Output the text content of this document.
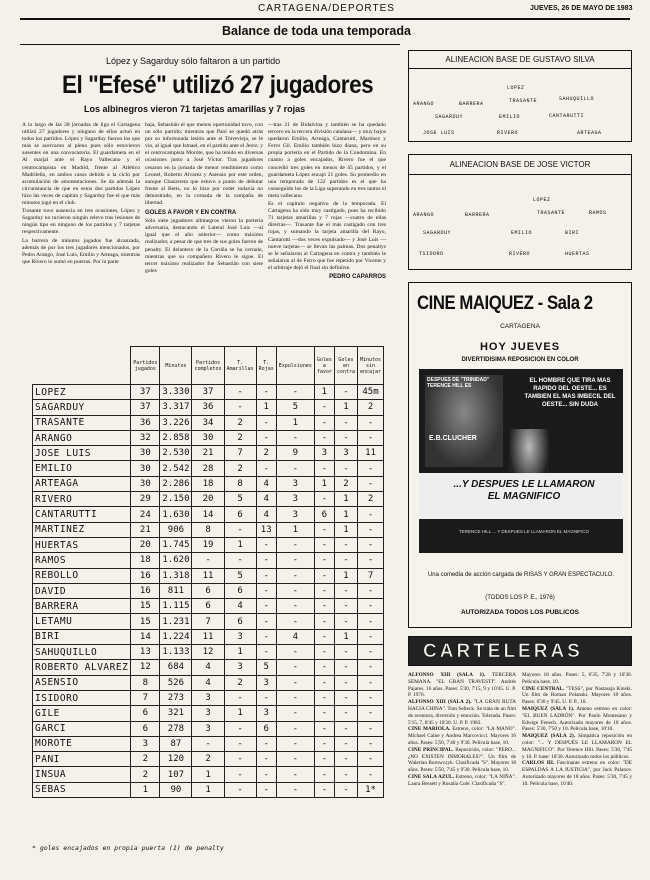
CARTAGENA/DEPORTES	JUEVES, 26 DE MAYO DE 1983
Balance de toda una temporada
López y Sagarduy sólo faltaron a un partido
El "Efesé" utilizó 27 jugadores
Los albinegros vieron 71 tarjetas amarillas y 7 rojas

A lo largo de las 38 jornadas de liga el Cartagena utilizó 27 jugadores y ninguno de ellos actuó en todos los partidos. López y Sagarduy fueron los que más se acercaron al pleno pues sólo estuvieron ausentes en una convocatoria. El guardameta en el Al marjal ante el Rayo Vallecano y el centrocampista en Madrid, frente al Atlético Madrileño, en ambos casos debido a la ciclo por acumulación de amonestaciones. Se da además la circunstancia de que en estos dos partidos López hizo las veces de capitán y Sagarduy fue el que más minutos jugó en el club.

Trasante tuvo ausencia en tres ocasiones, López y Sagarduy no tuvieron ningún relevo tras lesiones de ningún tipo en ninguno de los partidos y 7 tarjetas respectivamente.

La barrera de minutos jugados fue alcanzada, además de por los tres jugadores mencionados, por Pedro Arango, José Luis, Emilio y Arteaga, mientras que Rivero lo sumó en puertas. Por la parte

baja, Sebastián el que menos oportunidad tuvo, con un sólo partido; mientras que Paní se quedó atrás por su infortunada lesión ante el Torrevieja, se le vio, al igual que Ismael, en el partido ante el Jerez; y el centrocampista Moróte, que ha tenido en diversas ocasiones junto a José Víctor. Tras jugadores cesaron en la jornada de menor rendimiento como Leonel, Roberto Alvarez y Asensio por este orden, aunque Chazarreta que estuvo a punto de debutar frente al Betis, no lo hizo por ceder todavía no demostrado, en la cornada de la campaña de libertad.

GOLES A FAVOR Y EN CONTRA

Sólo siete jugadores albinegros vieron la portería adversaria, destacando el Lateral José Luis —al igual que el año anterior— como máximo realizador, a pesar de que tres de sus goles fueron de penalty. El delantero de la Coruña se ha cerrado, mientras que su compañero Rivero le sigue. El tercer máximo realizador fue Sebastián con siete goles

—tras 21 de Bidalvina y también se ha quedado tercero en la tercera división catalana— y muy bajos quedaron Emilio, Arteaga, Cantarutti, Martínez y Ferro Gil. Emilio también hizo diana, pero en su propia portería en el Partido de la Condomina. En cuanto a goles encajados, Rivero fue el que concedió tres goles en menos de 45 partidos, y el guardameta López encajó 21 goles. Su promedio en una temporada de 122 partidos es el que ha conseguido los de la Liga superando en tres tantos el meta vallecano.

Es el capítulo negativo de la temporada. El Cartagena ha sido muy castigado, pues ha recibido 71 tarjetas amarillas y 7 rojas —cuatro de ellas directas—. Trasante fue el más castigado con tres rojas, y sumando la tarjeta amarilla del Rayo, Cantarutti —dos veces expulsado— y José Luis —nueve tarjetas— se llevan las palmas. Dos penaltys se le señalaron al Cartagena en contra y también le señalaron al de Ferro que fue repetido por Vicente y el arbitraje dejó el final sin definirse.

PEDRO CAPARROS
	Partidos jugados	Minutos	Partidos completos	T. Amarillas	T. Rojas	Expulsiones	Goles a favor	Goles en contra	Minutos sin encajar
LOPEZ	37	3.330	37	-	-	-	1	-	45m
SAGARDUY	37	3.317	36	-	1	5	-	1	2
TRASANTE	36	3.226	34	2	-	1	-	-	-
ARANGO	32	2.858	30	2	-	-	-	-	-
JOSE LUIS	30	2.530	21	7	2	9	3	3	11
EMILIO	30	2.542	28	2	-	-	-	-	-
ARTEAGA	30	2.286	18	8	4	3	1	2	-
RIVERO	29	2.150	20	5	4	3	-	1	2
CANTARUTTI	24	1.630	14	6	4	3	6	1	-
MARTINEZ	21	906	8	-	13	1	-	1	-
HUERTAS	20	1.745	19	1	-	-	-	-	-
RAMOS	18	1.620	-	-	-	-	-	-	-
REBOLLO	16	1.318	11	5	-	-	-	1	7
DAVID	16	811	6	6	-	-	-	-	-
BARRERA	15	1.115	6	4	-	-	-	-	-
LETAMU	15	1.231	7	6	-	-	-	-	-
BIRI	14	1.224	11	3	-	4	-	1	-
SAHUQUILLO	13	1.133	12	1	-	-	-	-	-
ROBERTO ALVAREZ	12	684	4	3	5	-	-	-	-
ASENSIO	8	526	4	2	3	-	-	-	-
ISIDORO	7	273	3	-	-	-	-	-	-
GILE	6	321	3	1	3	-	-	-	-
GARCI	6	278	3	-	6	-	-	-	-
MOROTE	3	87	-	-	-	-	-	-	-
PANI	2	120	2	-	-	-	-	-	-
INSUA	2	107	1	-	-	-	-	-	-
SEBAS	1	90	1	-	-	-	-	-	1*
* goles encajados en propia puerta (1) de penalty
ALINEACION BASE DE GUSTAVO SILVA
LOPEZ
ARANGO	BARRERA	TRASANTE	SAHUQUILLO
SAGARDUY	EMILIO	CANTARUTTI
JOSE LUIS	RIVERO	ARTEAGA
ALINEACION BASE DE JOSE VICTOR
LOPEZ
ARANGO	BARRERA	TRASANTE	RAMOS
SAGARDUY	EMILIO	BIRI
TSIDORO	RIVERO	HUERTAS
CINE MAIQUEZ - Sala 2
CARTAGENA
HOY JUEVES
DIVERTIDISIMA REPOSICION EN COLOR
DESPUES DE "TRINIDAD" TERENCE HILL ES
E.B.CLUCHER
EL HOMBRE QUE TIRA MAS RAPIDO DEL OESTE... ES TAMBIEN EL MAS IMBECIL DEL OESTE... SIN DUDA
...Y DESPUES LE LLAMARON EL MAGNIFICO
TERENCE HILL ... Y DESPUES LE LLAMARON EL MAGNIFICO
Una comedia de acción cargada de RISAS Y GRAN ESPECTACULO.
(TODOS LOS P. E., 1976)
AUTORIZADA TODOS LOS PUBLICOS
CARTELERAS

ALFONSO XIII (SALA 1). TERCERA SEMANA. "EL GRAN TRAVESTI". Andrés Pajares. 16 años. Pases: 5'30, 7'15, 9 y 10'45. U. P. P. 1976.

ALFONSO XIII (SALA 2). "LA GRAN RUTA HACIA CHINA". Tom Selleck. Se trata de un film de aventura, diversión y emoción. Tolerada. Pases: 5'15, 7, 8'45 y 10'30. U. P. P. 1983.

CINE MARIOLA. Estreno, color: "LA MANO". Michael Caine y Andrea Marcovicci. Mayores 16 años. Pases: 5'50, 7'40 y 9'30. Película base, 10.

CINE PRINCIPAL. Reposición, color: "PERO... ¿NO EXISTEN INMORALES?". Un film de Walerian Borowczyk. Clasificada "S". Mayores 18 años. Pases: 5'50, 7'45 y 9'30. Película base, 10.

CINE SALA AZUL. Estreno, color: "LA NIÑA". Laura Bessett y Rosalía Cole. Clasificada "S".

Mayores 18 años. Pases: 5, 6'35, 7'20 y 10'30. Película base, 10.

CINE CENTRAL. "TESS", por Nastassja Kinski. Un film de Roman Polanski. Mayores 18 años. Pases: 6'30 y 9'45. U. P. P., 10.

MAIQUEZ (SALA 1). Ameno estreno en color: "EL BUEN LADRÓN". Por Paolo Montesano y Edwige Fenech. Autorizada mayores de 18 años. Pases: 5'30, 7'50 y 10. Película base, 10'10.

MAIQUEZ (SALA 2). Simpática reposición en color: "... Y DESPUÉS LE LLAMARON EL MAGNIFICO". Por Terence Hill. Pases: 5'30, 7'45 y 10. P. base: 10'30. Autorizado todos los públicos.

CARLOS III. Fascinante estreno en color: "DE ESPALDAS A LA JUSTICIA", por Jack Palance. Autorizado mayores de 18 años. Pases: 5'30, 7'45 y 10. Película base, 10'40.
